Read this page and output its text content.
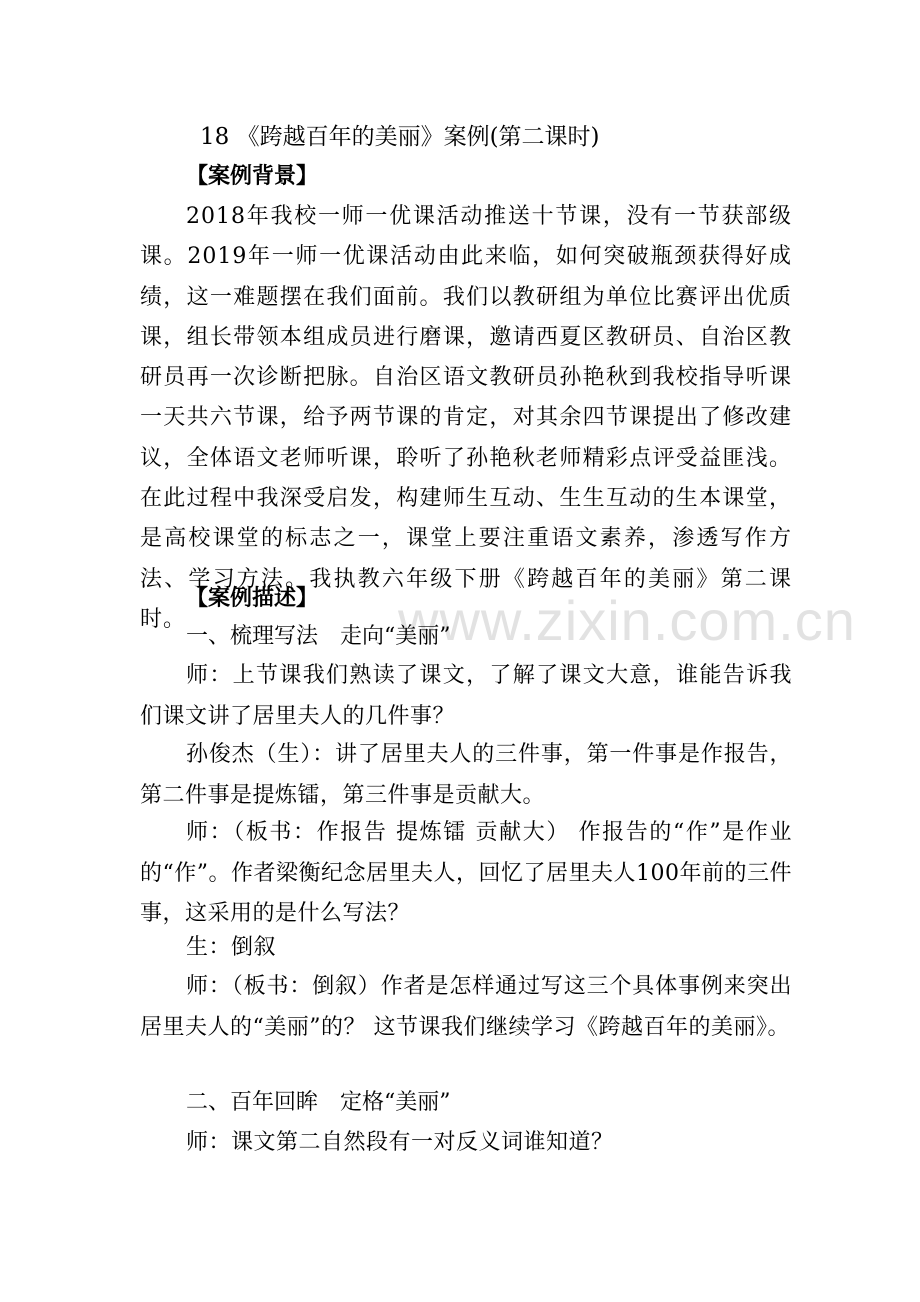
www.zixin.com.cn
18 《跨越百年的美丽》案例(第二课时)
【案例背景】
2018年我校一师一优课活动推送十节课，没有一节获部级课。2019年一师一优课活动由此来临，如何突破瓶颈获得好成绩，这一难题摆在我们面前。我们以教研组为单位比赛评出优质课，组长带领本组成员进行磨课，邀请西夏区教研员、自治区教研员再一次诊断把脉。自治区语文教研员孙艳秋到我校指导听课一天共六节课，给予两节课的肯定，对其余四节课提出了修改建议，全体语文老师听课，聆听了孙艳秋老师精彩点评受益匪浅。在此过程中我深受启发，构建师生互动、生生互动的生本课堂，是高校课堂的标志之一，课堂上要注重语文素养，渗透写作方法、学习方法。我执教六年级下册《跨越百年的美丽》第二课时。
【案例描述】
一、梳理写法　走向“美丽”
师：上节课我们熟读了课文，了解了课文大意，谁能告诉我们课文讲了居里夫人的几件事？
孙俊杰（生）：讲了居里夫人的三件事，第一件事是作报告，第二件事是提炼镭，第三件事是贡献大。
师：（板书：作报告 提炼镭 贡献大） 作报告的“作”是作业的“作”。作者梁衡纪念居里夫人，回忆了居里夫人100年前的三件事，这采用的是什么写法？
生：倒叙
师：（板书：倒叙）作者是怎样通过写这三个具体事例来突出居里夫人的“美丽”的？ 这节课我们继续学习《跨越百年的美丽》。
二、百年回眸　定格“美丽”
师：课文第二自然段有一对反义词谁知道？
